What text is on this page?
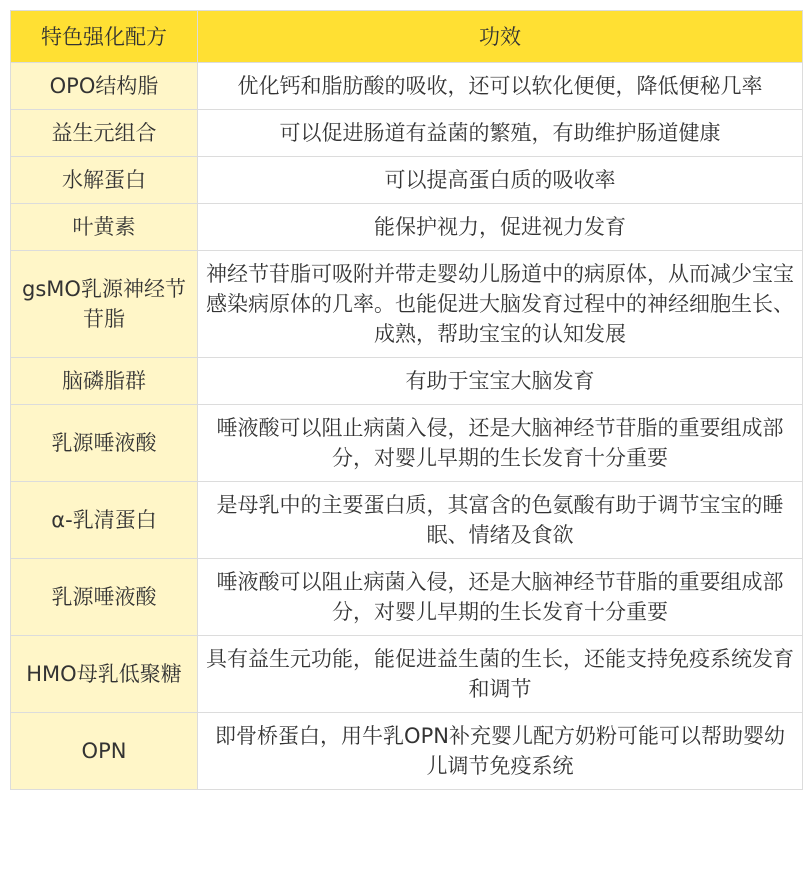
特色强化配方	功效
OPO结构脂	优化钙和脂肪酸的吸收，还可以软化便便，降低便秘几率
益生元组合	可以促进肠道有益菌的繁殖，有助维护肠道健康
水解蛋白	可以提高蛋白质的吸收率
叶黄素	能保护视力，促进视力发育
gsMO乳源神经节苷脂	神经节苷脂可吸附并带走婴幼儿肠道中的病原体，从而减少宝宝感染病原体的几率。也能促进大脑发育过程中的神经细胞生长、成熟，帮助宝宝的认知发展
脑磷脂群	有助于宝宝大脑发育
乳源唾液酸	唾液酸可以阻止病菌入侵，还是大脑神经节苷脂的重要组成部分，对婴儿早期的生长发育十分重要
α-乳清蛋白	是母乳中的主要蛋白质，其富含的色氨酸有助于调节宝宝的睡眠、情绪及食欲
乳源唾液酸	唾液酸可以阻止病菌入侵，还是大脑神经节苷脂的重要组成部分，对婴儿早期的生长发育十分重要
HMO母乳低聚糖	具有益生元功能，能促进益生菌的生长，还能支持免疫系统发育和调节
OPN	即骨桥蛋白，用牛乳OPN补充婴儿配方奶粉可能可以帮助婴幼儿调节免疫系统
